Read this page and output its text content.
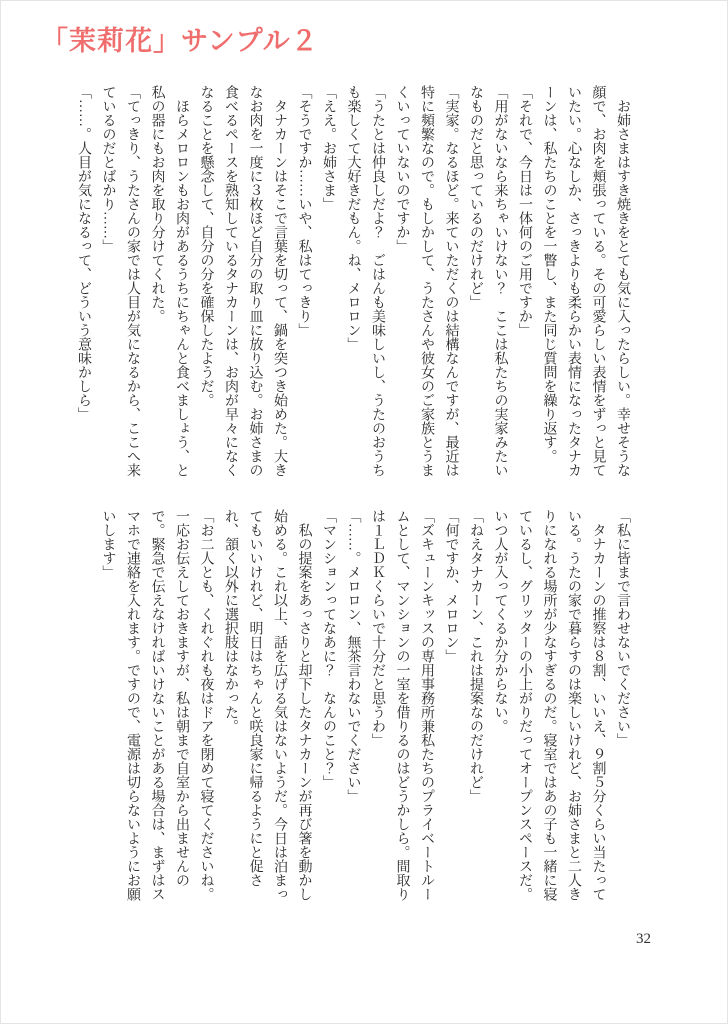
「茉莉花」サンプル２

　お姉さまはすき焼きをとても気に入ったらしい。幸せそうな顔で、お肉を頬張っている。その可愛らしい表情をずっと見ていたい。心なしか、さっきよりも柔らかい表情になったタナカーンは、私たちのことを一瞥し、また同じ質問を繰り返す。

「それで、今日は一体何のご用ですか」

「用がないなら来ちゃいけない？　ここは私たちの実家みたいなものだと思っているのだけれど」

「実家。なるほど。来ていただくのは結構なんですが、最近は特に頻繁なので。もしかして、うたさんや彼女のご家族とうまくいっていないのですか」

「うたとは仲良しだよ？　ごはんも美味しいし、うたのおうちも楽しくて大好きだもん。ね、メロロン」

「ええ。お姉さま」

「そうですか……いや、私はてっきり」

　タナカーンはそこで言葉を切って、鍋を突つき始めた。大きなお肉を一度に３枚ほど自分の取り皿に放り込む。お姉さまの食べるペースを熟知しているタナカーンは、お肉が早々になくなることを懸念して、自分の分を確保したようだ。

　ほらメロロンもお肉があるうちにちゃんと食べましょう、と私の器にもお肉を取り分けてくれた。

「てっきり、うたさんの家では人目が気になるから、ここへ来ているのだとばかり……」

「……。人目が気になるって、どういう意味かしら」

「私に皆まで言わせないでください」

　タナカーンの推察は８割、いいえ、９割５分くらい当たっている。うたの家で暮らすのは楽しいけれど、お姉さまと二人きりになれる場所が少なすぎるのだ。寝室ではあの子も一緒に寝ているし、グリッターの小上がりだってオープンスペースだ。いつ人が入ってくるか分からない。

「ねえタナカーン、これは提案なのだけれど」

「何ですか、メロロン」

「ズキューンキッスの専用事務所兼私たちのプライベートルームとして、マンションの一室を借りるのはどうかしら。間取りは１ＬＤＫくらいで十分だと思うわ」

「……。メロロン、無茶言わないでください」

「マンションってなあに？　なんのこと？」

　私の提案をあっさりと却下したタナカーンが再び箸を動かし始める。これ以上、話を広げる気はないようだ。今日は泊まってもいいけれど、明日はちゃんと咲良家に帰るようにと促され、頷く以外に選択肢はなかった。

「お二人とも、くれぐれも夜はドアを閉めて寝てくださいね。一応お伝えしておきますが、私は朝まで自室から出ませんので。緊急で伝えなければいけないことがある場合は、まずはスマホで連絡を入れます。ですので、電源は切らないようにお願いします」

32
